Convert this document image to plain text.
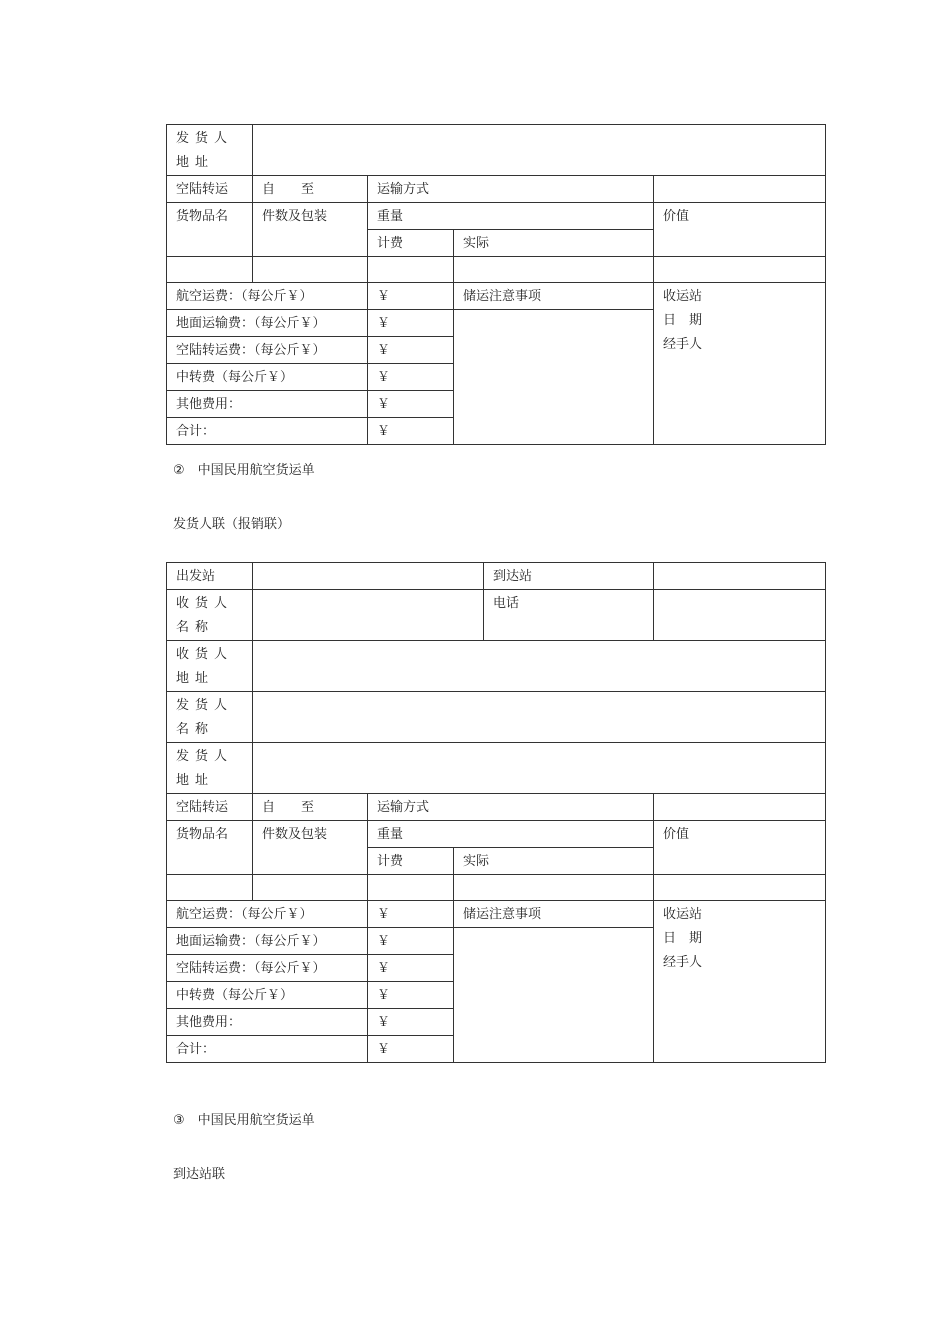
发货人地址				
空陆转运	自　　至	运输方式		
货物品名	件数及包装	重量		价值
		计费	实际	

航空运费：（每公斤￥）		￥	储运注意事项	收运站
日　期
经手人
地面运输费：（每公斤￥）		￥		
空陆转运费：（每公斤￥）		￥		
中转费（每公斤￥）		￥		
其他费用：		￥		
合计：		￥		
②　中国民用航空货运单
发货人联（报销联）
出发站				到达站	
收货人名称				电话	
收货人地址					
发货人名称					
发货人地址					
空陆转运	自　　至	运输方式			
货物品名	件数及包装	重量			价值
		计费	实际		

航空运费：（每公斤￥）		￥	储运注意事项		收运站
日　期
经手人
地面运输费：（每公斤￥）		￥			
空陆转运费：（每公斤￥）		￥			
中转费（每公斤￥）		￥			
其他费用：		￥			
合计：		￥			
③　中国民用航空货运单
到达站联
